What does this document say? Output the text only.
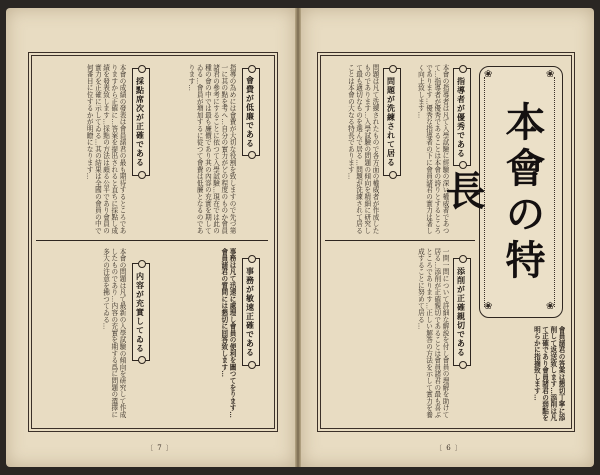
會費が低廉である
採點席次が正確である
事務が敏速正確である
内容が充實してゐる
指導の為めには會費が大切な役割を致しますので先づ第一に其の點を考へ…自分の實力がどの程度のものか會員諸君の參考にすることに依つて入學試驗…現在では此の種の會の中では最も廉價であり其の內容の充實を期してゐる…會員が増加するに從つて會費は低廉となるのであります…
本會の成績の發表は會員諸君の最も期待するところでありますから正確に…答案を提出されると直ちに採點し成績を發表致します…採點の方法は頗る公平であり會員の實力を正確に示してゐる…其の結果は全國の會員の中で何番目に位するかが明瞭になります…
事務は凡て迅速に處理し會員の便利を圖つてをります…會員諸君の質問には懇切に回答致します…
本會の問題は凡て最新の入學試驗の傾向を研究して作成したものであり…内容の充實を期する爲に問題の選擇に多大の注意を拂つてゐる…
〔 7 〕
❀	❀
❀	❀
本會の特長
指導者が優秀である
問題が洗練されて居る
添削が正確親切である
本會の指導者は凡て入學試驗に經驗の深い權威者であつて…指導者が優秀であることは本會の誇りとするところであります…優秀な指導者の下に會員諸君の實力は著しく向上致します…
問題は凡て洗練されたもので各方面の權威者が作成したものであります…入學試驗の問題の傾向を精細に研究して最も適切なものを選んで居る…問題が洗練されて居ることは本會の大なる特長であります…
會員諸君の答案は懇切丁寧に添削して返送致します…添削は凡て正確であり會員諸君の弱點を明らかに指摘致します…
一問一問について詳細な解説を付し會員の理解を助けて居る…添削が正確親切であることは會員諸君の最も喜ぶところであります…正しい解答の方法を示して實力を養成することに努めて居る…
〔 6 〕
